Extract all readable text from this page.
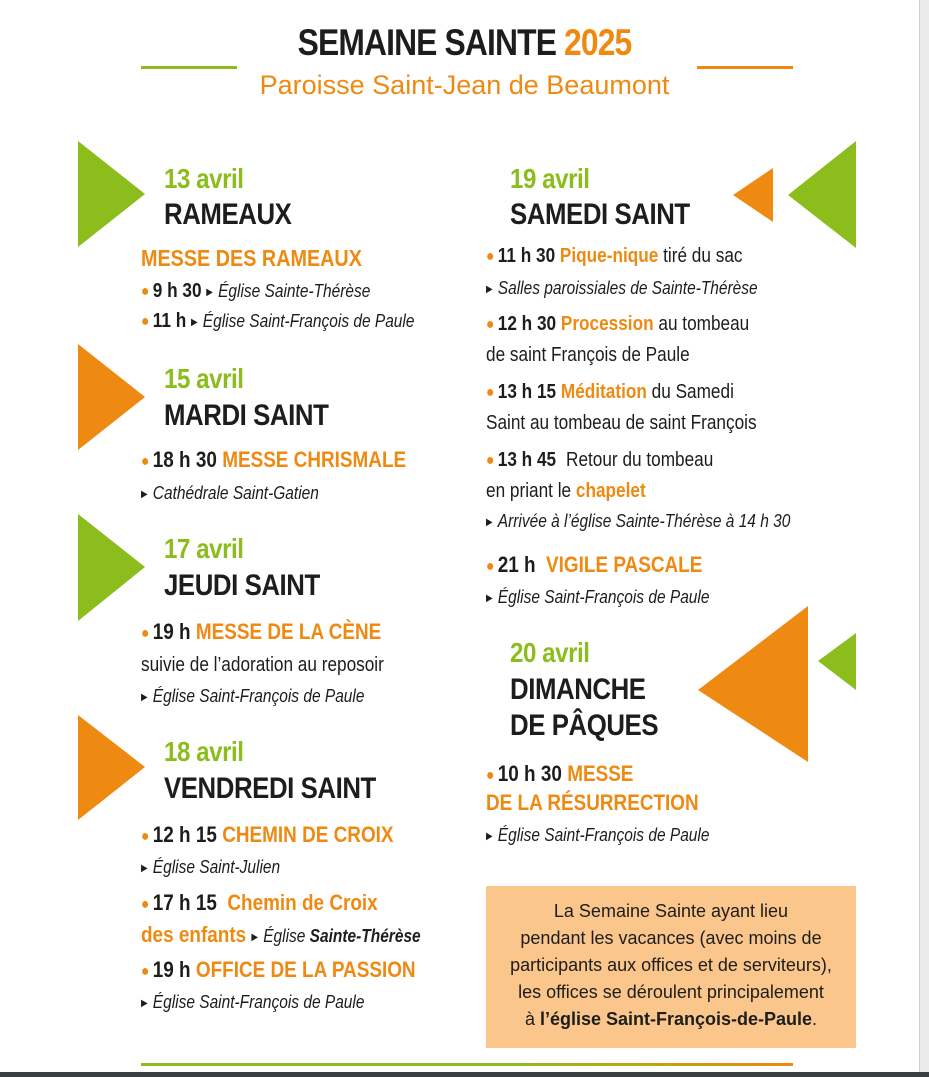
SEMAINE SAINTE 2025
Paroisse Saint-Jean de Beaumont
13 avril
RAMEAUX
MESSE DES RAMEAUX
● 9 h 30 ▶ Église Sainte-Thérèse
● 11 h ▶ Église Saint-François de Paule
15 avril
MARDI SAINT
● 18 h 30 MESSE CHRISMALE
▶ Cathédrale Saint-Gatien
17 avril
JEUDI SAINT
● 19 h MESSE DE LA CÈNE
suivie de l’adoration au reposoir
▶ Église Saint-François de Paule
18 avril
VENDREDI SAINT
● 12 h 15 CHEMIN DE CROIX
▶ Église Saint-Julien
● 17 h 15 Chemin de Croix
des enfants ▶ Église Sainte-Thérèse
● 19 h OFFICE DE LA PASSION
▶ Église Saint-François de Paule
19 avril
SAMEDI SAINT
● 11 h 30 Pique-nique tiré du sac
▶ Salles paroissiales de Sainte-Thérèse
● 12 h 30 Procession au tombeau
de saint François de Paule
● 13 h 15 Méditation du Samedi
Saint au tombeau de saint François
● 13 h 45 Retour du tombeau
en priant le chapelet
▶ Arrivée à l’église Sainte-Thérèse à 14 h 30
● 21 h VIGILE PASCALE
▶ Église Saint-François de Paule
20 avril
DIMANCHE
DE PÂQUES
● 10 h 30 MESSE
DE LA RÉSURRECTION
▶ Église Saint-François de Paule
La Semaine Sainte ayant lieu
pendant les vacances (avec moins de
participants aux offices et de serviteurs),
les offices se déroulent principalement
à l’église Saint-François-de-Paule.
